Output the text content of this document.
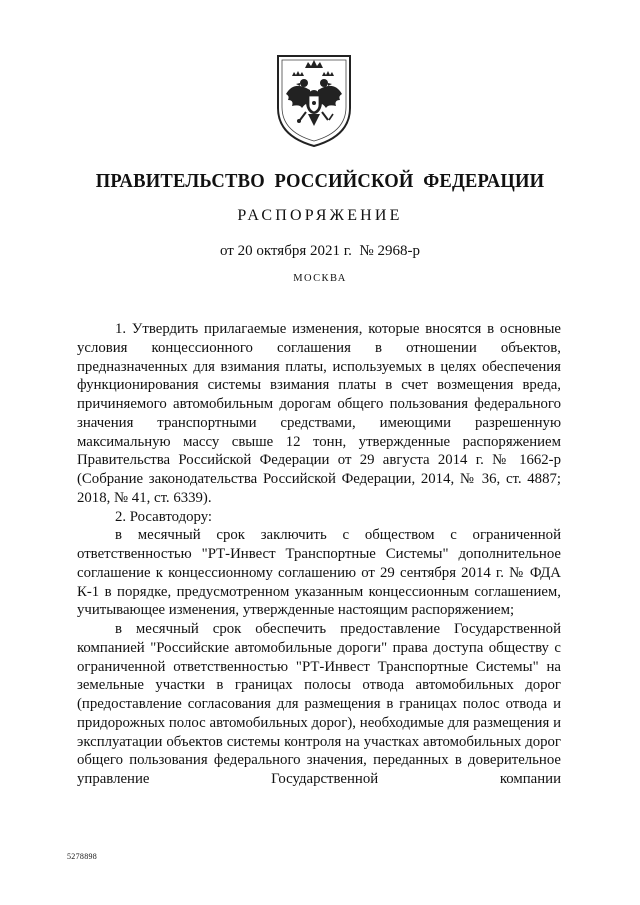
ПРАВИТЕЛЬСТВО  РОССИЙСКОЙ  ФЕДЕРАЦИИ
РАСПОРЯЖЕНИЕ
от 20 октября 2021 г.  № 2968-р
МОСКВА

1. Утвердить прилагаемые изменения, которые вносятся в основные условия концессионного соглашения в отношении объектов, предназначенных для взимания платы, используемых в целях обеспечения функционирования системы взимания платы в счет возмещения вреда, причиняемого автомобильным дорогам общего пользования федерального значения транспортными средствами, имеющими разрешенную максимальную массу свыше 12 тонн, утвержденные распоряжением Правительства Российской Федерации от 29 августа 2014 г. № 1662-р (Собрание законодательства Российской Федерации, 2014, № 36, ст. 4887; 2018, № 41, ст. 6339).

2. Росавтодору:

в месячный срок заключить с обществом с ограниченной ответственностью "РТ-Инвест Транспортные Системы" дополнительное соглашение к концессионному соглашению от 29 сентября 2014 г. № ФДА К-1 в порядке, предусмотренном указанным концессионным соглашением, учитывающее изменения, утвержденные настоящим распоряжением;

в месячный срок обеспечить предоставление Государственной компанией "Российские автомобильные дороги" права доступа обществу с ограниченной ответственностью "РТ-Инвест Транспортные Системы" на земельные участки в границах полосы отвода автомобильных дорог (предоставление согласования для размещения в границах полос отвода и придорожных полос автомобильных дорог), необходимые для размещения и эксплуатации объектов системы контроля на участках автомобильных дорог общего пользования федерального значения, переданных в доверительное управление Государственной компании

5278898
